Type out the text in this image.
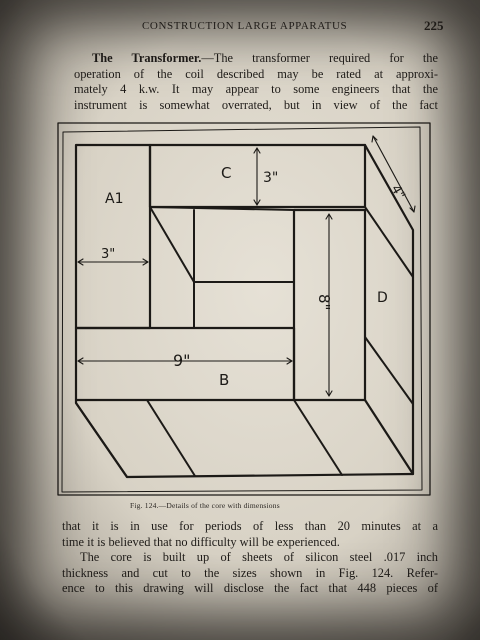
CONSTRUCTION LARGE APPARATUS	225
The Transformer.—The transformer required for the
operation of the coil described may be rated at approxi-
mately 4 k.w. It may appear to some engineers that the
instrument is somewhat overrated, but in view of the fact
A1
C 3"
3"
9"
B
D
4"
8"
Fig. 124.—Details of the core with dimensions
that it is in use for periods of less than 20 minutes at a
time it is believed that no difficulty will be experienced.
The core is built up of sheets of silicon steel .017 inch
thickness and cut to the sizes shown in Fig. 124. Refer-
ence to this drawing will disclose the fact that 448 pieces of
